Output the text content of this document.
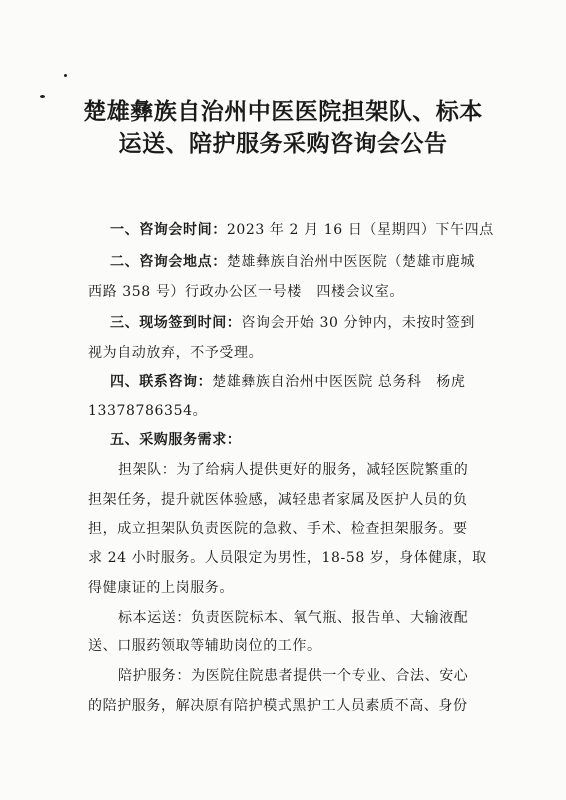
楚雄彝族自治州中医医院担架队、标本
运送、陪护服务采购咨询会公告
一、咨询会时间：2023 年 2 月 16 日（星期四）下午四点
二、咨询会地点：楚雄彝族自治州中医医院（楚雄市鹿城
西路 358 号）行政办公区一号楼　四楼会议室。
三、现场签到时间：咨询会开始 30 分钟内，未按时签到
视为自动放弃，不予受理。
四、联系咨询：楚雄彝族自治州中医医院 总务科　杨虎
13378786354。
五、采购服务需求：
担架队：为了给病人提供更好的服务，减轻医院繁重的
担架任务，提升就医体验感，减轻患者家属及医护人员的负
担，成立担架队负责医院的急救、手术、检查担架服务。要
求 24 小时服务。人员限定为男性，18-58 岁，身体健康，取
得健康证的上岗服务。
标本运送：负责医院标本、氧气瓶、报告单、大输液配
送、口服药领取等辅助岗位的工作。
陪护服务：为医院住院患者提供一个专业、合法、安心
的陪护服务，解决原有陪护模式黑护工人员素质不高、身份
